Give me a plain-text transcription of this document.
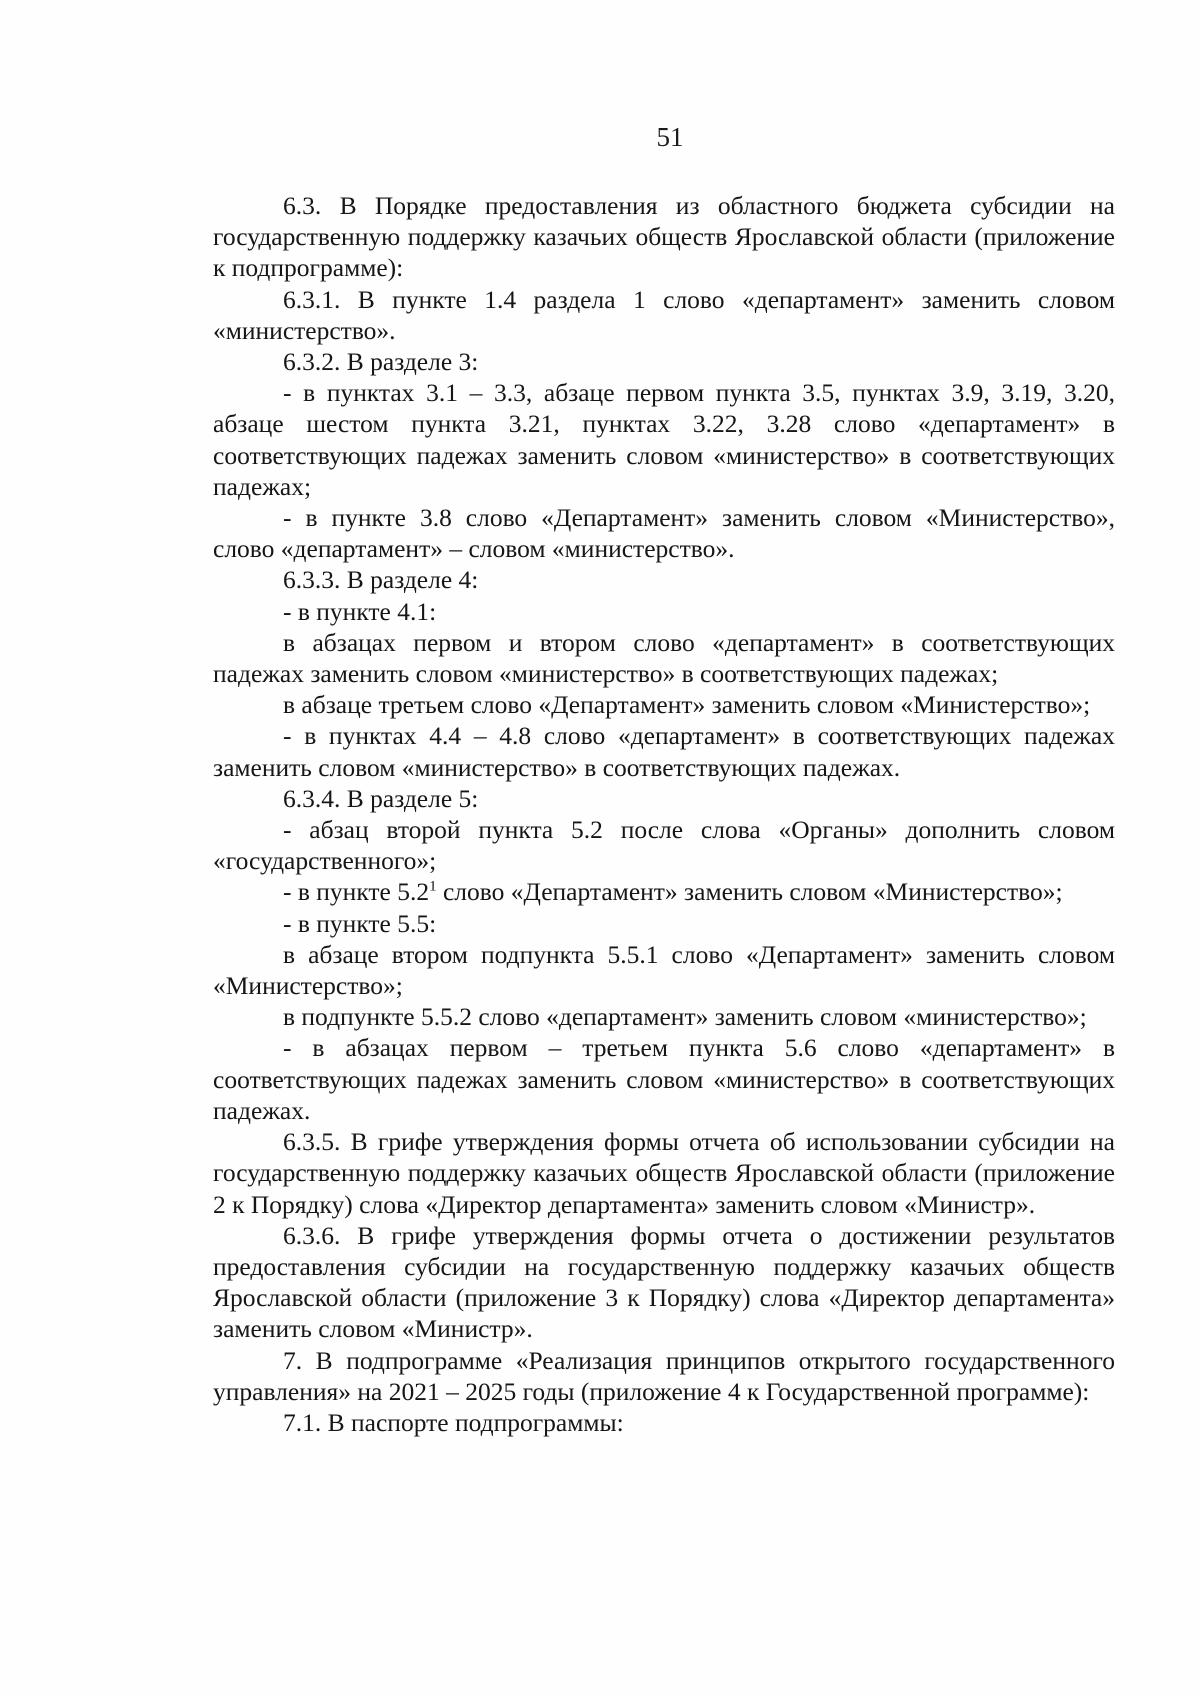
51

6.3. В Порядке предоставления из областного бюджета субсидии на государственную поддержку казачьих обществ Ярославской области (приложение к подпрограмме):

6.3.1. В пункте 1.4 раздела 1 слово «департамент» заменить словом «министерство».

6.3.2. В разделе 3:

- в пунктах 3.1 – 3.3, абзаце первом пункта 3.5, пунктах 3.9, 3.19, 3.20, абзаце шестом пункта 3.21, пунктах 3.22, 3.28 слово «департамент» в соответствующих падежах заменить словом «министерство» в соответствующих падежах;

- в пункте 3.8 слово «Департамент» заменить словом «Министерство», слово «департамент» – словом «министерство».

6.3.3. В разделе 4:

- в пункте 4.1:

в абзацах первом и втором слово «департамент» в соответствующих падежах заменить словом «министерство» в соответствующих падежах;

в абзаце третьем слово «Департамент» заменить словом «Министерство»;

- в пунктах 4.4 – 4.8 слово «департамент» в соответствующих падежах заменить словом «министерство» в соответствующих падежах.

6.3.4. В разделе 5:

- абзац второй пункта 5.2 после слова «Органы» дополнить словом «государственного»;

- в пункте $5.2^1$ слово «Департамент» заменить словом «Министерство»;

- в пункте 5.5:

в абзаце втором подпункта 5.5.1 слово «Департамент» заменить словом «Министерство»;

в подпункте 5.5.2 слово «департамент» заменить словом «министерство»;

- в абзацах первом – третьем пункта 5.6 слово «департамент» в соответствующих падежах заменить словом «министерство» в соответствующих падежах.

6.3.5. В грифе утверждения формы отчета об использовании субсидии на государственную поддержку казачьих обществ Ярославской области (приложение 2 к Порядку) слова «Директор департамента» заменить словом «Министр».

6.3.6. В грифе утверждения формы отчета о достижении результатов предоставления субсидии на государственную поддержку казачьих обществ Ярославской области (приложение 3 к Порядку) слова «Директор департамента» заменить словом «Министр».

7. В подпрограмме «Реализация принципов открытого государственного управления» на 2021 – 2025 годы (приложение 4 к Государственной программе):

7.1. В паспорте подпрограммы:
